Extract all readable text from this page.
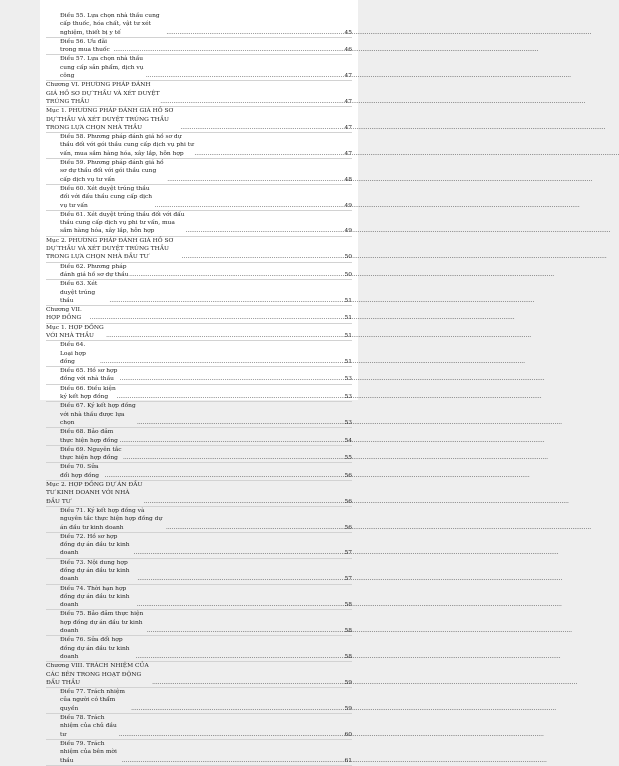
Điều 55. Lựa chọn nhà thầu cung cấp thuốc, hóa chất, vật tư xét nghiệm, thiết bị y tế .....	45
Điều 56. Ưu đãi trong mua thuốc .....	46
Điều 57. Lựa chọn nhà thầu cung cấp sản phẩm, dịch vụ công .....	47
Chương VI. PHƯƠNG PHÁP ĐÁNH GIÁ HỒ SƠ DỰ THẦU VÀ XÉT DUYỆT TRÚNG THẦU .....	47
Mục 1. PHƯƠNG PHÁP ĐÁNH GIÁ HỒ SƠ DỰ THẦU VÀ XÉT DUYỆT TRÚNG THẦU TRONG LỰA CHỌN NHÀ THẦU .....	47
Điều 58. Phương pháp đánh giá hồ sơ dự thầu đối với gói thầu cung cấp dịch vụ phi tư vấn, mua sắm hàng hóa, xây lắp, hỗn hợp .....	47
Điều 59. Phương pháp đánh giá hồ sơ dự thầu đối với gói thầu cung cấp dịch vụ tư vấn .....	48
Điều 60. Xét duyệt trúng thầu đối với đấu thầu cung cấp dịch vụ tư vấn .....	49
Điều 61. Xét duyệt trúng thầu đối với đấu thầu cung cấp dịch vụ phi tư vấn, mua sắm hàng hóa, xây lắp, hỗn hợp .....	49
Mục 2. PHƯƠNG PHÁP ĐÁNH GIÁ HỒ SƠ DỰ THẦU VÀ XÉT DUYỆT TRÚNG THẦU TRONG LỰA CHỌN NHÀ ĐẦU TƯ .....	50
Điều 62. Phương pháp đánh giá hồ sơ dự thầu .....	50
Điều 63. Xét duyệt trúng thầu .....	51
Chương VII. HỢP ĐỒNG .....	51
Mục 1. HỢP ĐỒNG VỚI NHÀ THẦU .....	51
Điều 64. Loại hợp đồng .....	51
Điều 65. Hồ sơ hợp đồng với nhà thầu .....	53
Điều 66. Điều kiện ký kết hợp đồng .....	53
Điều 67. Ký kết hợp đồng với nhà thầu được lựa chọn .....	53
Điều 68. Bảo đảm thực hiện hợp đồng .....	54
Điều 69. Nguyên tắc thực hiện hợp đồng .....	55
Điều 70. Sửa đổi hợp đồng .....	56
Mục 2. HỢP ĐỒNG DỰ ÁN ĐẦU TƯ KINH DOANH VỚI NHÀ ĐẦU TƯ .....	56
Điều 71. Ký kết hợp đồng và nguyên tắc thực hiện hợp đồng dự án đầu tư kinh doanh .....	56
Điều 72. Hồ sơ hợp đồng dự án đầu tư kinh doanh .....	57
Điều 73. Nội dung hợp đồng dự án đầu tư kinh doanh .....	57
Điều 74. Thời hạn hợp đồng dự án đầu tư kinh doanh .....	58
Điều 75. Bảo đảm thực hiện hợp đồng dự án đầu tư kinh doanh .....	58
Điều 76. Sửa đổi hợp đồng dự án đầu tư kinh doanh .....	58
Chương VIII. TRÁCH NHIỆM CỦA CÁC BÊN TRONG HOẠT ĐỘNG ĐẤU THẦU .....	59
Điều 77. Trách nhiệm của người có thẩm quyền .....	59
Điều 78. Trách nhiệm của chủ đầu tư .....	60
Điều 79. Trách nhiệm của bên mời thầu .....	61
